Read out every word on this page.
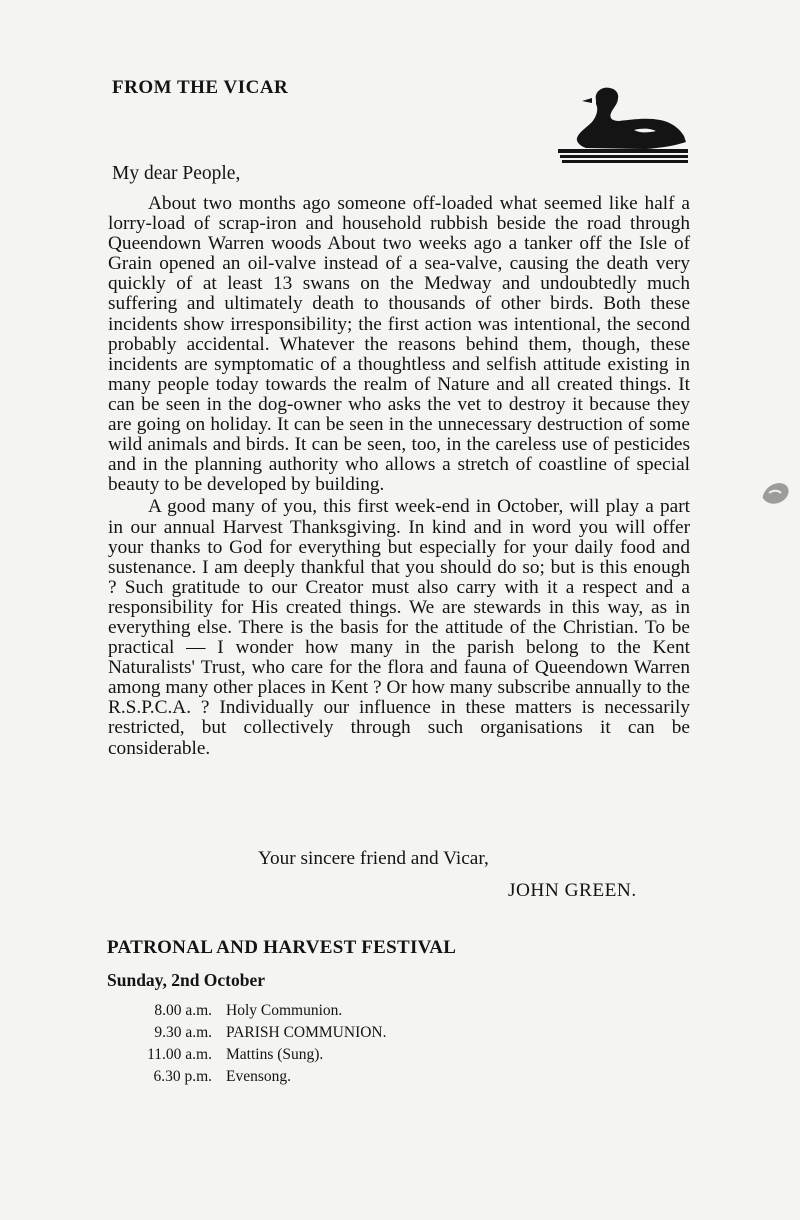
FROM THE VICAR
My dear People,

About two months ago someone off-loaded what seemed like half a lorry-load of scrap-iron and household rubbish beside the road through Queendown Warren woods About two weeks ago a tanker off the Isle of Grain opened an oil-valve instead of a sea-valve, causing the death very quickly of at least 13 swans on the Medway and undoubtedly much suffering and ultimately death to thousands of other birds. Both these incidents show irresponsibility; the first action was intentional, the second probably accidental. Whatever the reasons behind them, though, these incidents are symptomatic of a thoughtless and selfish attitude existing in many people today towards the realm of Nature and all created things. It can be seen in the dog-owner who asks the vet to destroy it because they are going on holiday. It can be seen in the unnecessary destruction of some wild animals and birds. It can be seen, too, in the careless use of pesticides and in the planning authority who allows a stretch of coastline of special beauty to be developed by building.

A good many of you, this first week-end in October, will play a part in our annual Harvest Thanksgiving. In kind and in word you will offer your thanks to God for everything but especially for your daily food and sustenance. I am deeply thankful that you should do so; but is this enough ? Such gratitude to our Creator must also carry with it a respect and a responsibility for His created things. We are stewards in this way, as in everything else. There is the basis for the attitude of the Christian. To be practical — I wonder how many in the parish belong to the Kent Naturalists' Trust, who care for the flora and fauna of Queendown Warren among many other places in Kent ? Or how many subscribe annually to the R.S.P.C.A. ? Individually our influence in these matters is necessarily restricted, but collectively through such organisations it can be considerable.

Your sincere friend and Vicar,
JOHN GREEN.
PATRONAL AND HARVEST FESTIVAL
Sunday, 2nd October
8.00 a.m. Holy Communion.
9.30 a.m. PARISH COMMUNION.
11.00 a.m. Mattins (Sung).
6.30 p.m. Evensong.
